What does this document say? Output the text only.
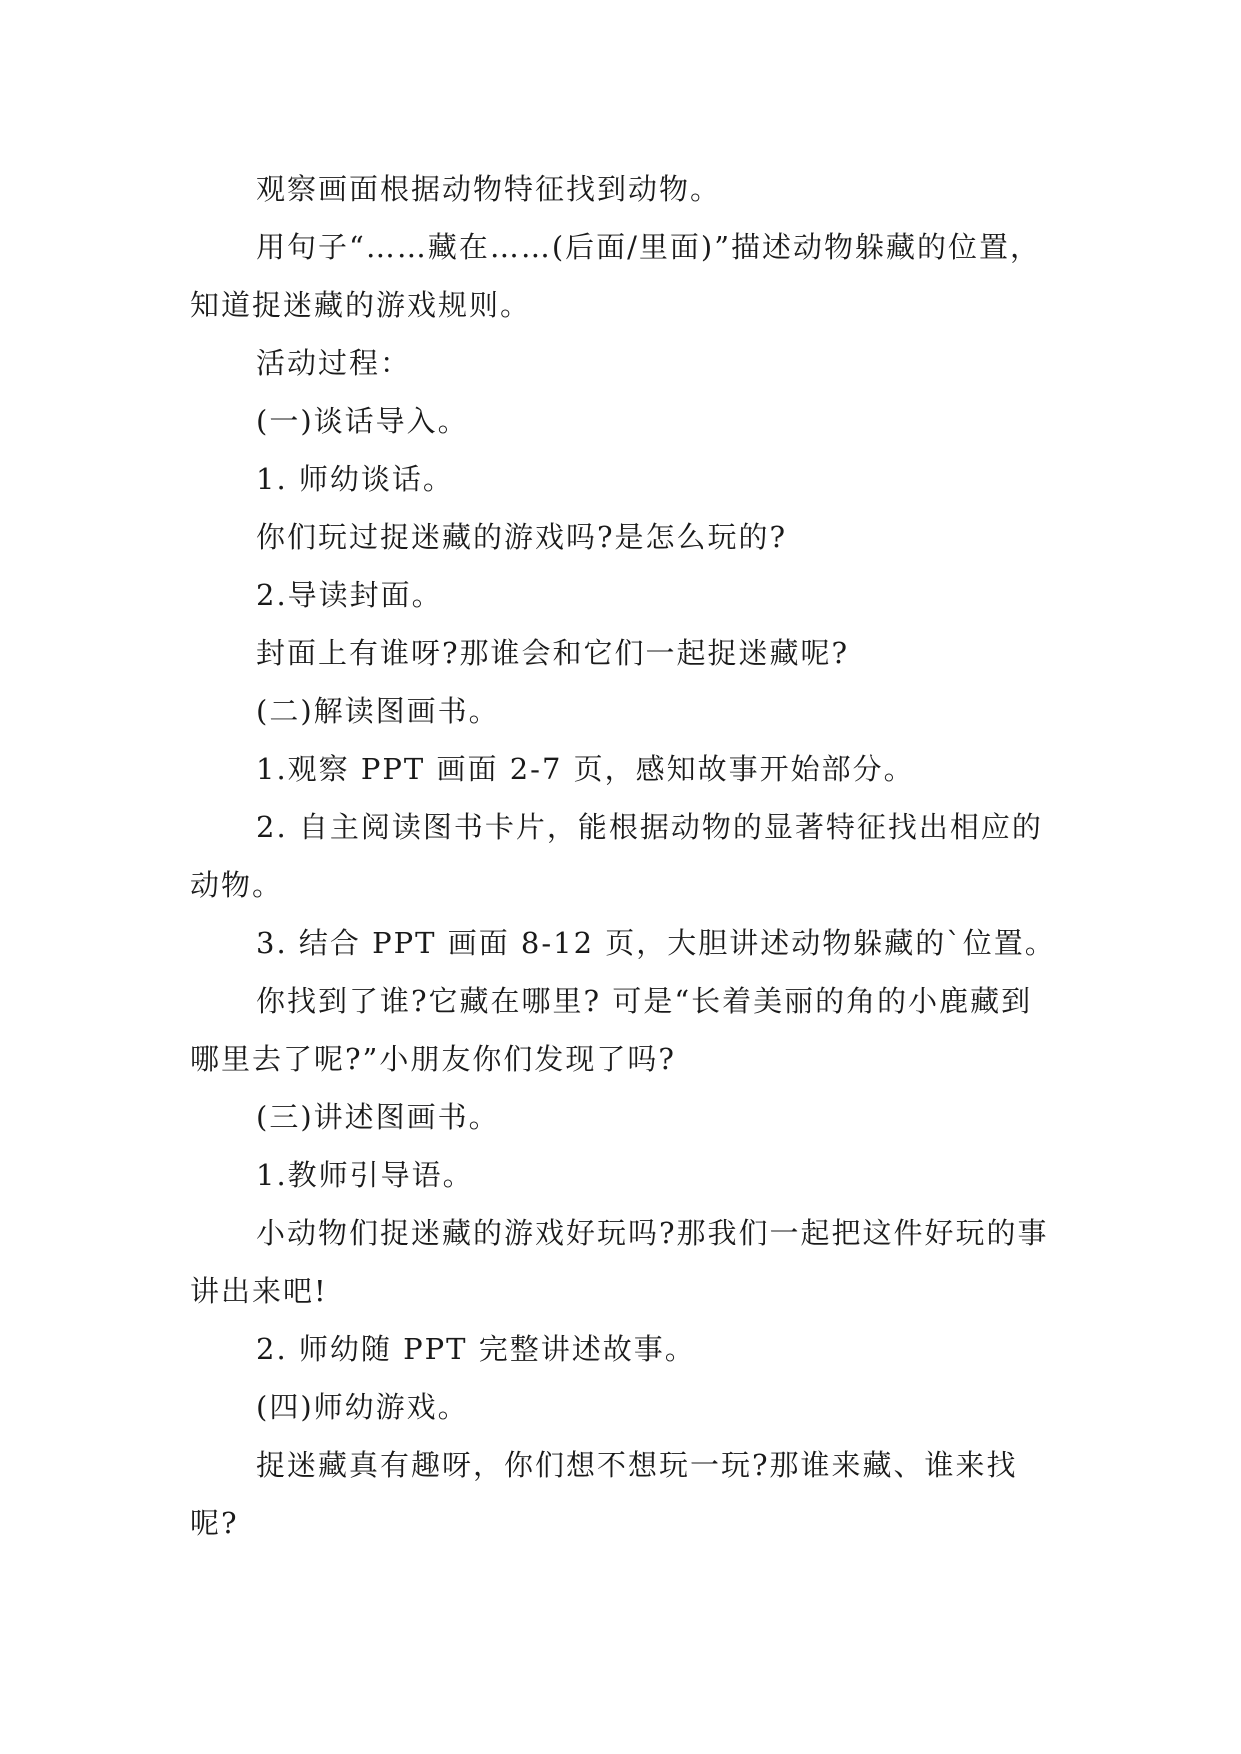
观察画面根据动物特征找到动物。

用句子“……藏在……(后面/里面)”描述动物躲藏的位置，知道捉迷藏的游戏规则。

活动过程：

(一)谈话导入。

1. 师幼谈话。

你们玩过捉迷藏的游戏吗?是怎么玩的?

2.导读封面。

封面上有谁呀?那谁会和它们一起捉迷藏呢?

(二)解读图画书。

1.观察 PPT 画面 2-7 页，感知故事开始部分。

2. 自主阅读图书卡片，能根据动物的显著特征找出相应的动物。

3. 结合 PPT 画面 8-12 页，大胆讲述动物躲藏的`位置。

你找到了谁?它藏在哪里? 可是“长着美丽的角的小鹿藏到哪里去了呢?”小朋友你们发现了吗?

(三)讲述图画书。

1.教师引导语。

小动物们捉迷藏的游戏好玩吗?那我们一起把这件好玩的事讲出来吧!

2. 师幼随 PPT 完整讲述故事。

(四)师幼游戏。

捉迷藏真有趣呀，你们想不想玩一玩?那谁来藏、谁来找呢?
